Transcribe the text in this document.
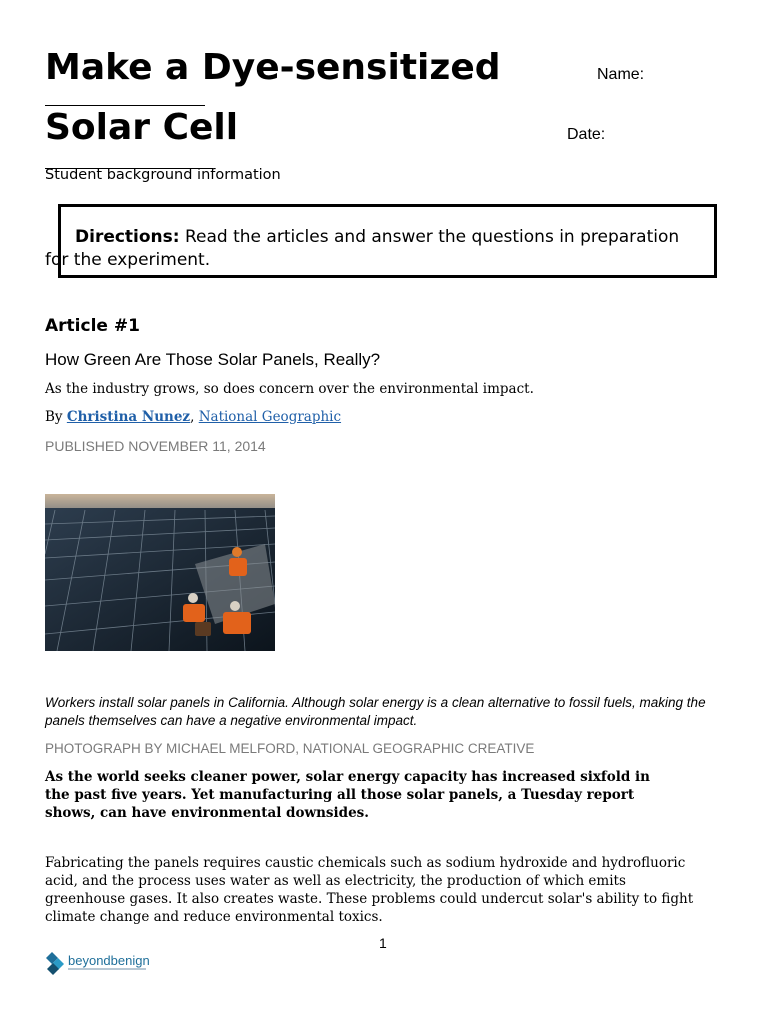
Make a Dye-sensitized
Solar Cell
Name:
Date:
Student background information
Directions: Read the articles and answer the questions in preparation
for the experiment.
Article #1
How Green Are Those Solar Panels, Really?
As the industry grows, so does concern over the environmental impact.
By Christina Nunez, National Geographic
PUBLISHED NOVEMBER 11, 2014
Workers install solar panels in California. Although solar energy is a clean alternative to fossil fuels, making the
panels themselves can have a negative environmental impact.
PHOTOGRAPH BY MICHAEL MELFORD, NATIONAL GEOGRAPHIC CREATIVE
As the world seeks cleaner power, solar energy capacity has increased sixfold in
the past five years. Yet manufacturing all those solar panels, a Tuesday report
shows, can have environmental downsides.
Fabricating the panels requires caustic chemicals such as sodium hydroxide and hydrofluoric
acid, and the process uses water as well as electricity, the production of which emits
greenhouse gases. It also creates waste. These problems could undercut solar's ability to fight
climate change and reduce environmental toxics.
1
beyondbenign
